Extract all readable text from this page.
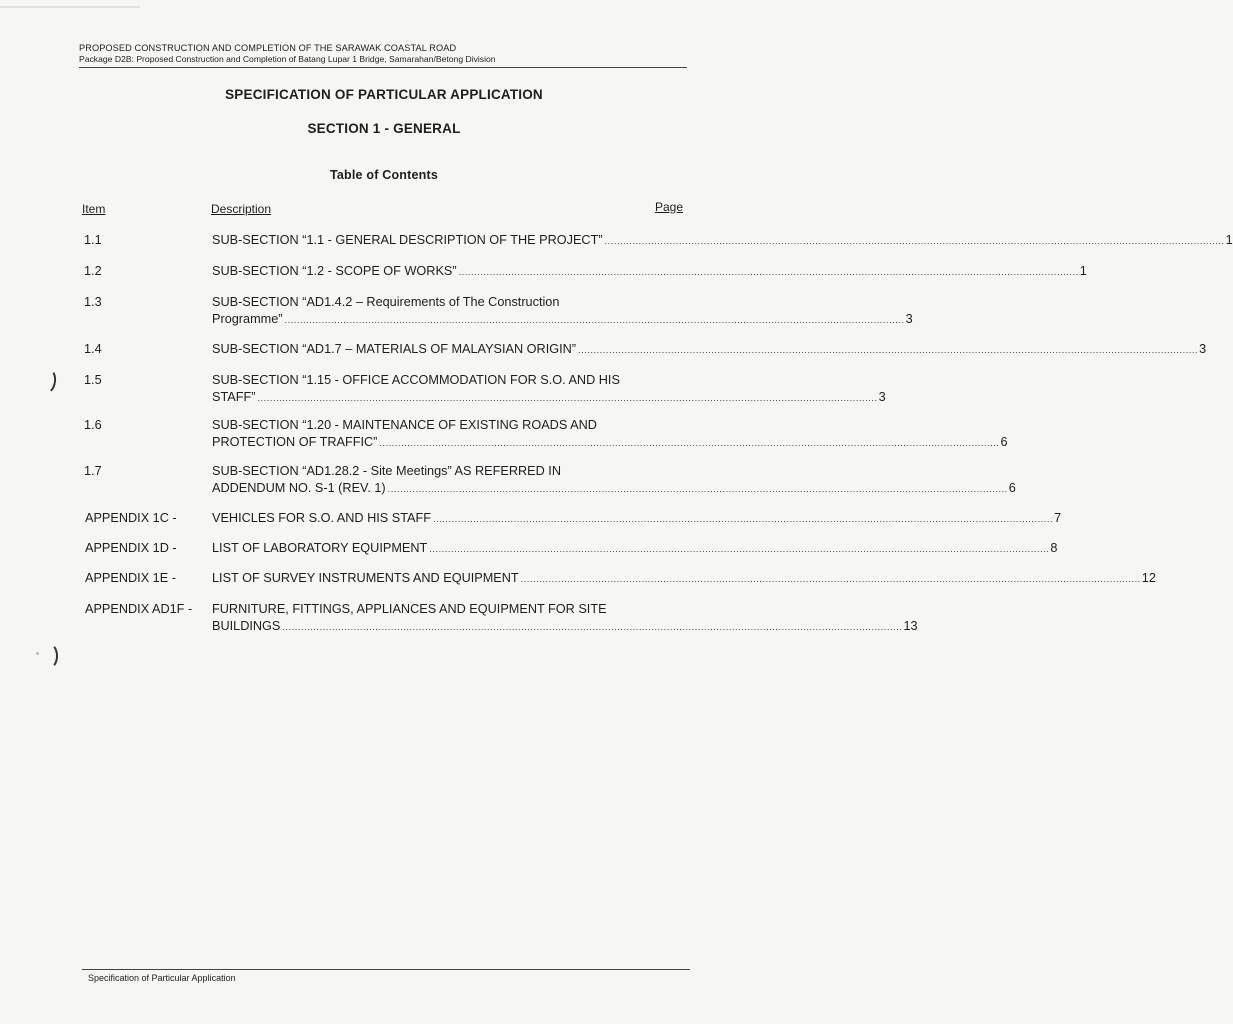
PROPOSED CONSTRUCTION AND COMPLETION OF THE SARAWAK COASTAL ROAD
Package D2B: Proposed Construction and Completion of Batang Lupar 1 Bridge, Samarahan/Betong Division
SPECIFICATION OF PARTICULAR APPLICATION
SECTION 1 - GENERAL
Table of Contents
Item	Description	Page
1.1	SUB-SECTION “1.1 - GENERAL DESCRIPTION OF THE PROJECT” ........................................................................................................................................................................................................ 1
1.2	SUB-SECTION “1.2 - SCOPE OF WORKS” ........................................................................................................................................................................................................ 1
1.3	SUB-SECTION “AD1.4.2 – Requirements of The Construction
Programme” ........................................................................................................................................................................................................ 3
1.4	SUB-SECTION “AD1.7 – MATERIALS OF MALAYSIAN ORIGIN” ........................................................................................................................................................................................................ 3
1.5	SUB-SECTION “1.15 - OFFICE ACCOMMODATION FOR S.O. AND HIS
STAFF” ........................................................................................................................................................................................................ 3
1.6	SUB-SECTION “1.20 - MAINTENANCE OF EXISTING ROADS AND
PROTECTION OF TRAFFIC” ........................................................................................................................................................................................................ 6
1.7	SUB-SECTION “AD1.28.2 - Site Meetings” AS REFERRED IN
ADDENDUM NO. S-1 (REV. 1) ........................................................................................................................................................................................................ 6
APPENDIX 1C -	VEHICLES FOR S.O. AND HIS STAFF ........................................................................................................................................................................................................ 7
APPENDIX 1D -	LIST OF LABORATORY EQUIPMENT ........................................................................................................................................................................................................ 8
APPENDIX 1E -	LIST OF SURVEY INSTRUMENTS AND EQUIPMENT ........................................................................................................................................................................................................ 12
APPENDIX AD1F - FURNITURE, FITTINGS, APPLIANCES AND EQUIPMENT FOR SITE
BUILDINGS ........................................................................................................................................................................................................ 13
Specification of Particular Application
